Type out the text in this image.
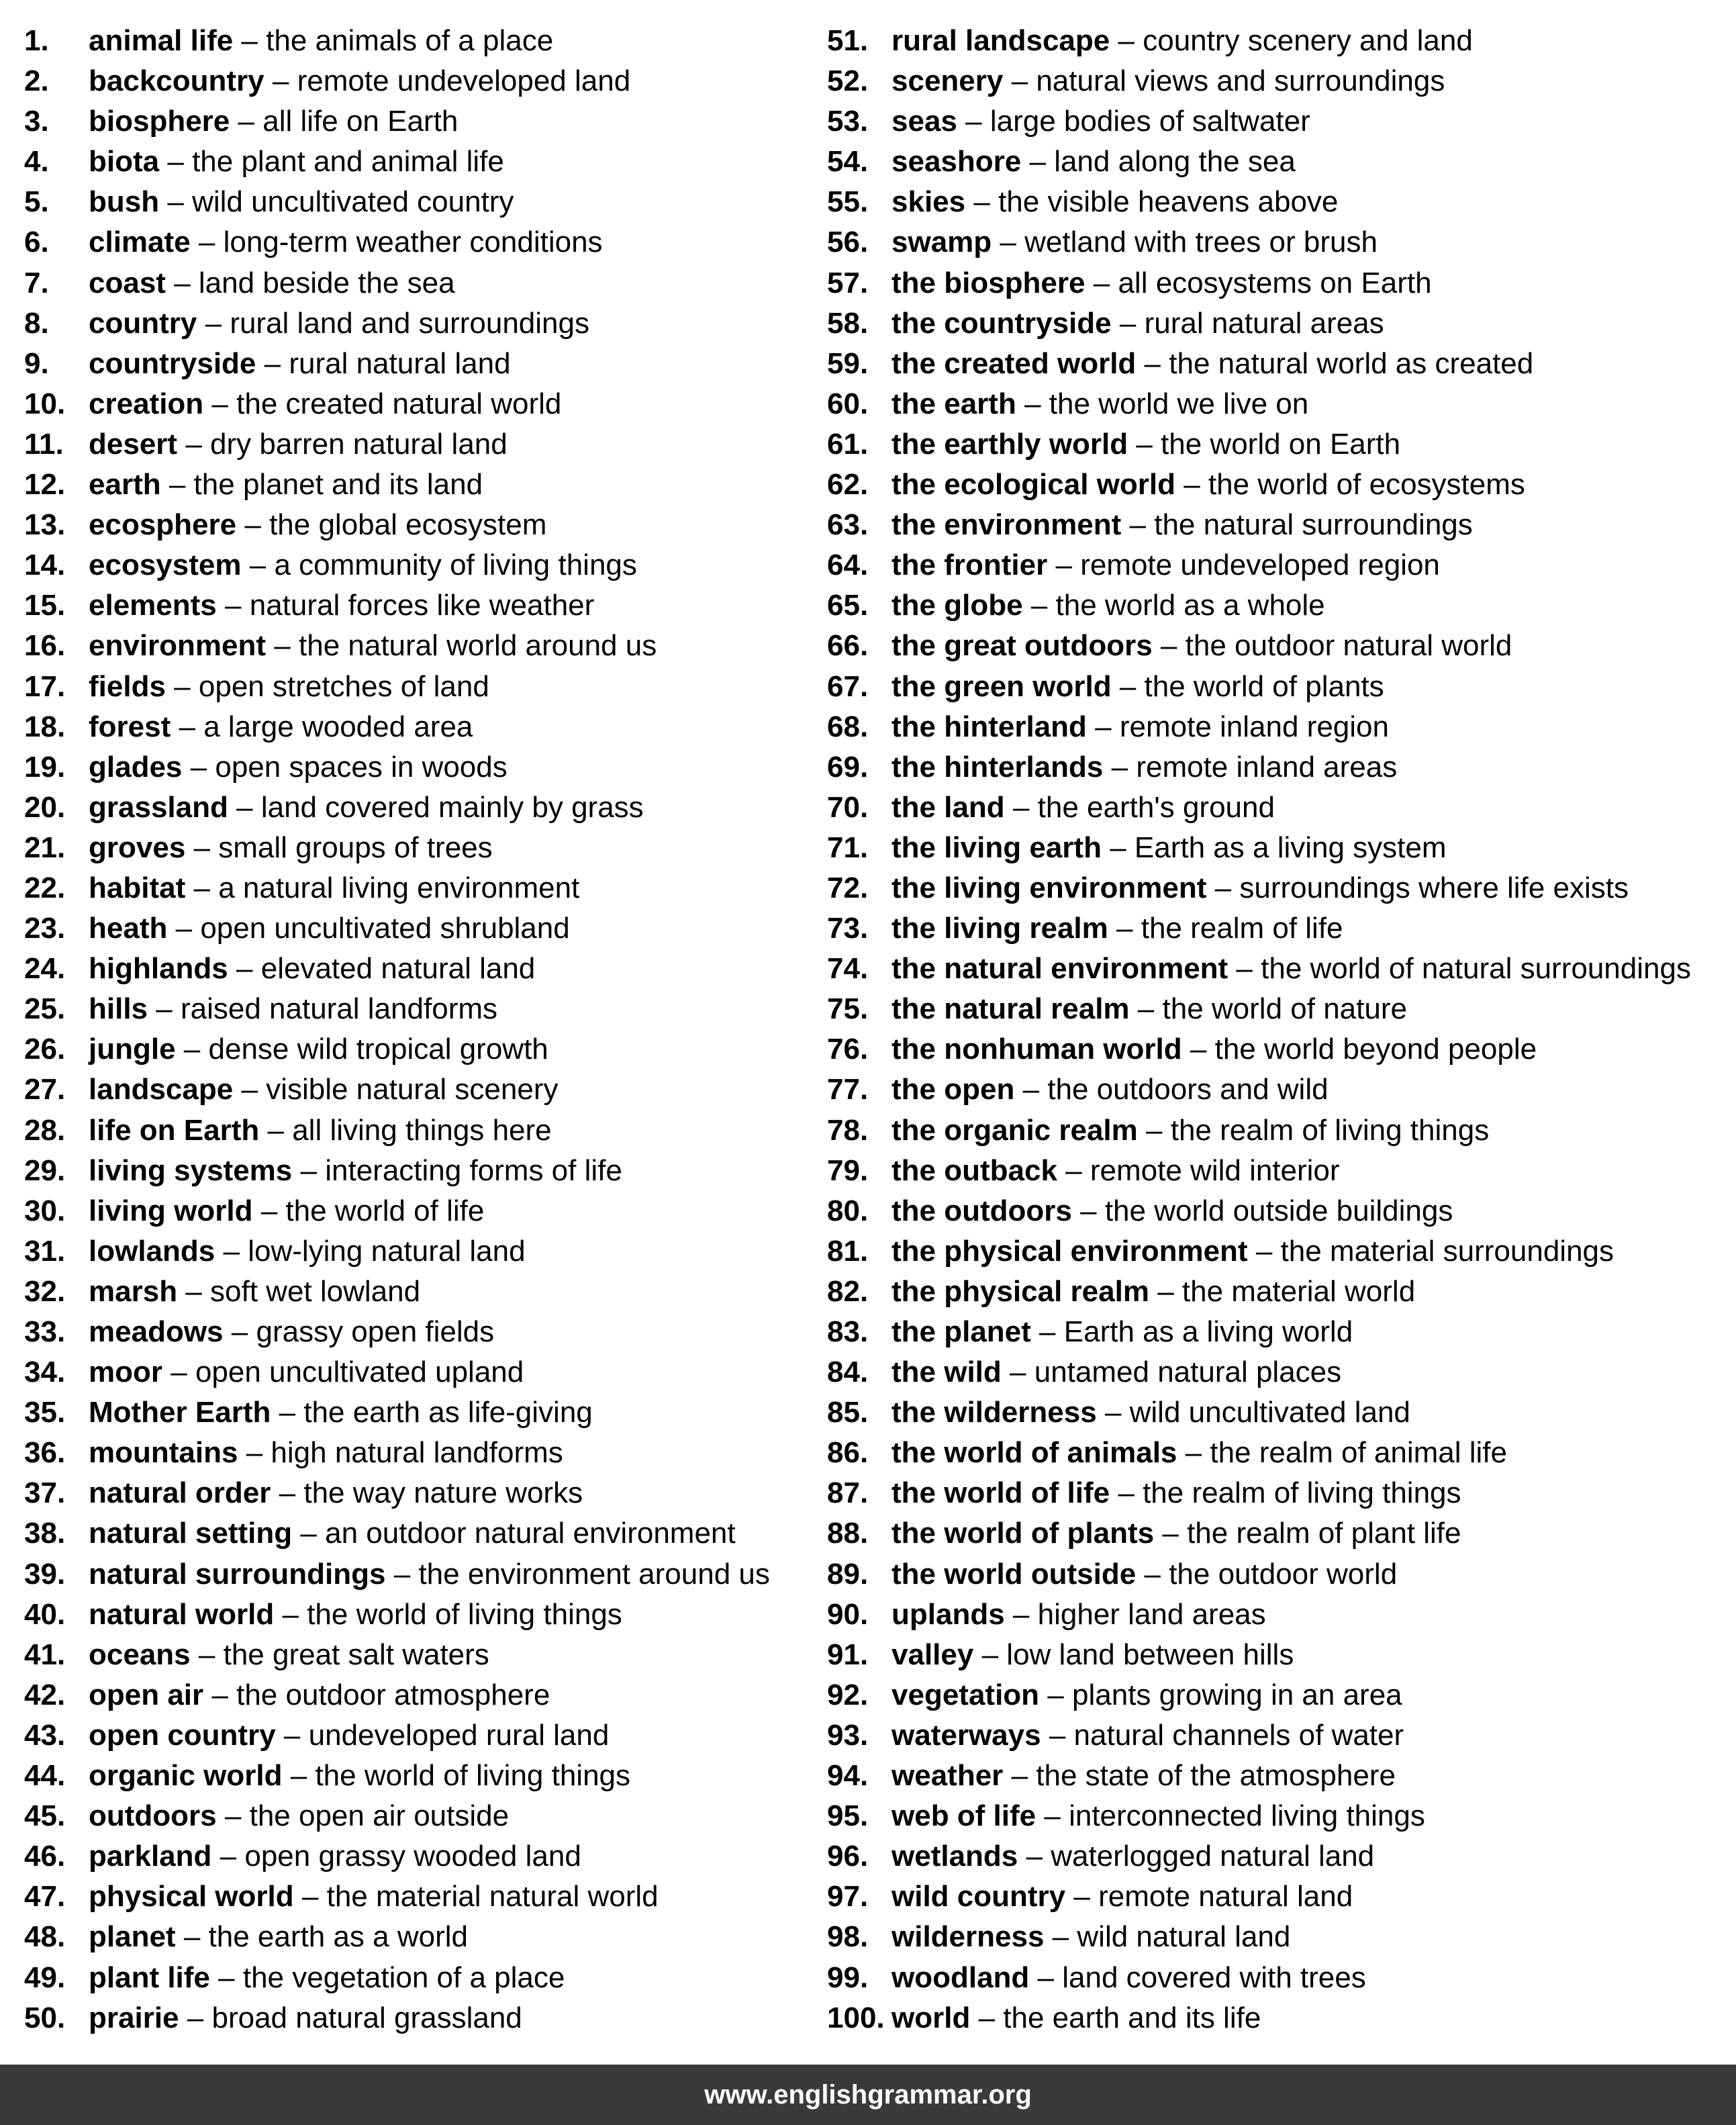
1.	animal life – the animals of a place
2.	backcountry – remote undeveloped land
3.	biosphere – all life on Earth
4.	biota – the plant and animal life
5.	bush – wild uncultivated country
6.	climate – long-term weather conditions
7.	coast – land beside the sea
8.	country – rural land and surroundings
9.	countryside – rural natural land
10. creation – the created natural world
11. desert – dry barren natural land
12. earth – the planet and its land
13. ecosphere – the global ecosystem
14. ecosystem – a community of living things
15. elements – natural forces like weather
16. environment – the natural world around us
17. fields – open stretches of land
18. forest – a large wooded area
19. glades – open spaces in woods
20. grassland – land covered mainly by grass
21. groves – small groups of trees
22. habitat – a natural living environment
23. heath – open uncultivated shrubland
24. highlands – elevated natural land
25. hills – raised natural landforms
26. jungle – dense wild tropical growth
27. landscape – visible natural scenery
28. life on Earth – all living things here
29. living systems – interacting forms of life
30. living world – the world of life
31. lowlands – low-lying natural land
32. marsh – soft wet lowland
33. meadows – grassy open fields
34. moor – open uncultivated upland
35. Mother Earth – the earth as life-giving
36. mountains – high natural landforms
37. natural order – the way nature works
38. natural setting – an outdoor natural environment
39. natural surroundings – the environment around us
40. natural world – the world of living things
41. oceans – the great salt waters
42. open air – the outdoor atmosphere
43. open country – undeveloped rural land
44. organic world – the world of living things
45. outdoors – the open air outside
46. parkland – open grassy wooded land
47. physical world – the material natural world
48. planet – the earth as a world
49. plant life – the vegetation of a place
50. prairie – broad natural grassland
51. rural landscape – country scenery and land
52. scenery – natural views and surroundings
53. seas – large bodies of saltwater
54. seashore – land along the sea
55. skies – the visible heavens above
56. swamp – wetland with trees or brush
57. the biosphere – all ecosystems on Earth
58. the countryside – rural natural areas
59. the created world – the natural world as created
60. the earth – the world we live on
61. the earthly world – the world on Earth
62. the ecological world – the world of ecosystems
63. the environment – the natural surroundings
64. the frontier – remote undeveloped region
65. the globe – the world as a whole
66. the great outdoors – the outdoor natural world
67. the green world – the world of plants
68. the hinterland – remote inland region
69. the hinterlands – remote inland areas
70. the land – the earth's ground
71. the living earth – Earth as a living system
72. the living environment – surroundings where life exists
73. the living realm – the realm of life
74. the natural environment – the world of natural surroundings
75. the natural realm – the world of nature
76. the nonhuman world – the world beyond people
77. the open – the outdoors and wild
78. the organic realm – the realm of living things
79. the outback – remote wild interior
80. the outdoors – the world outside buildings
81. the physical environment – the material surroundings
82. the physical realm – the material world
83. the planet – Earth as a living world
84. the wild – untamed natural places
85. the wilderness – wild uncultivated land
86. the world of animals – the realm of animal life
87. the world of life – the realm of living things
88. the world of plants – the realm of plant life
89. the world outside – the outdoor world
90. uplands – higher land areas
91. valley – low land between hills
92. vegetation – plants growing in an area
93. waterways – natural channels of water
94. weather – the state of the atmosphere
95. web of life – interconnected living things
96. wetlands – waterlogged natural land
97. wild country – remote natural land
98. wilderness – wild natural land
99. woodland – land covered with trees
100. world – the earth and its life
www.englishgrammar.org
